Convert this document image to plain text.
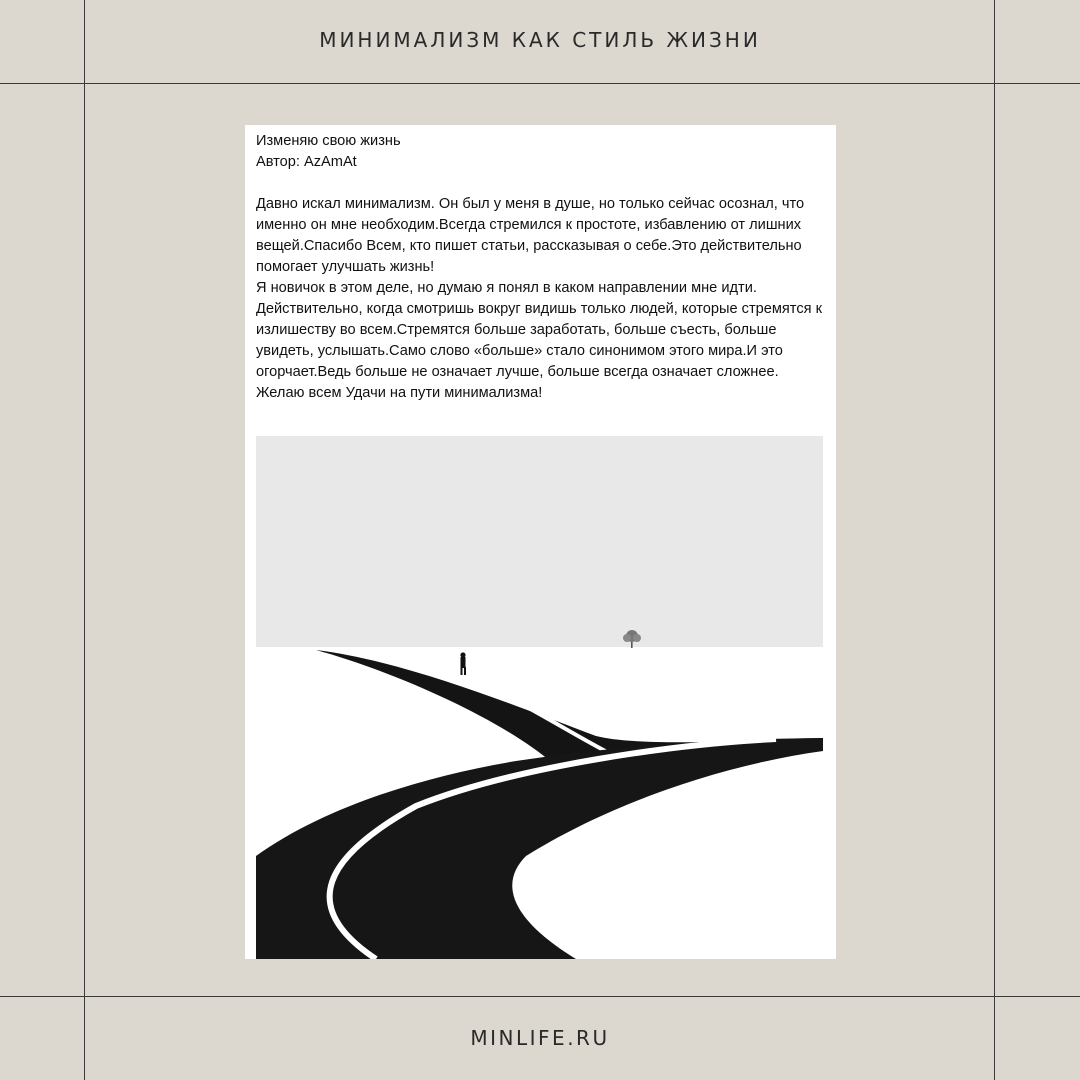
МИНИМАЛИЗМ КАК СТИЛЬ ЖИЗНИ

Изменяю свою жизнь

Автор: AzAmAt

Давно искал минимализм. Он был у меня в душе, но только сейчас осознал, что именно он мне необходим.Всегда стремился к простоте, избавлению от лишних вещей.Спасибо Всем, кто пишет статьи, рассказывая о себе.Это действительно помогает улучшать жизнь!

Я новичок в этом деле, но думаю я понял в каком направлении мне идти. Действительно, когда смотришь вокруг видишь только людей, которые стремятся к излишеству во всем.Стремятся больше заработать, больше съесть, больше увидеть, услышать.Само слово «больше» стало синонимом этого мира.И это огорчает.Ведь больше не означает лучше, больше всегда означает сложнее.

Желаю всем Удачи на пути минимализма!

MINLIFE.RU
